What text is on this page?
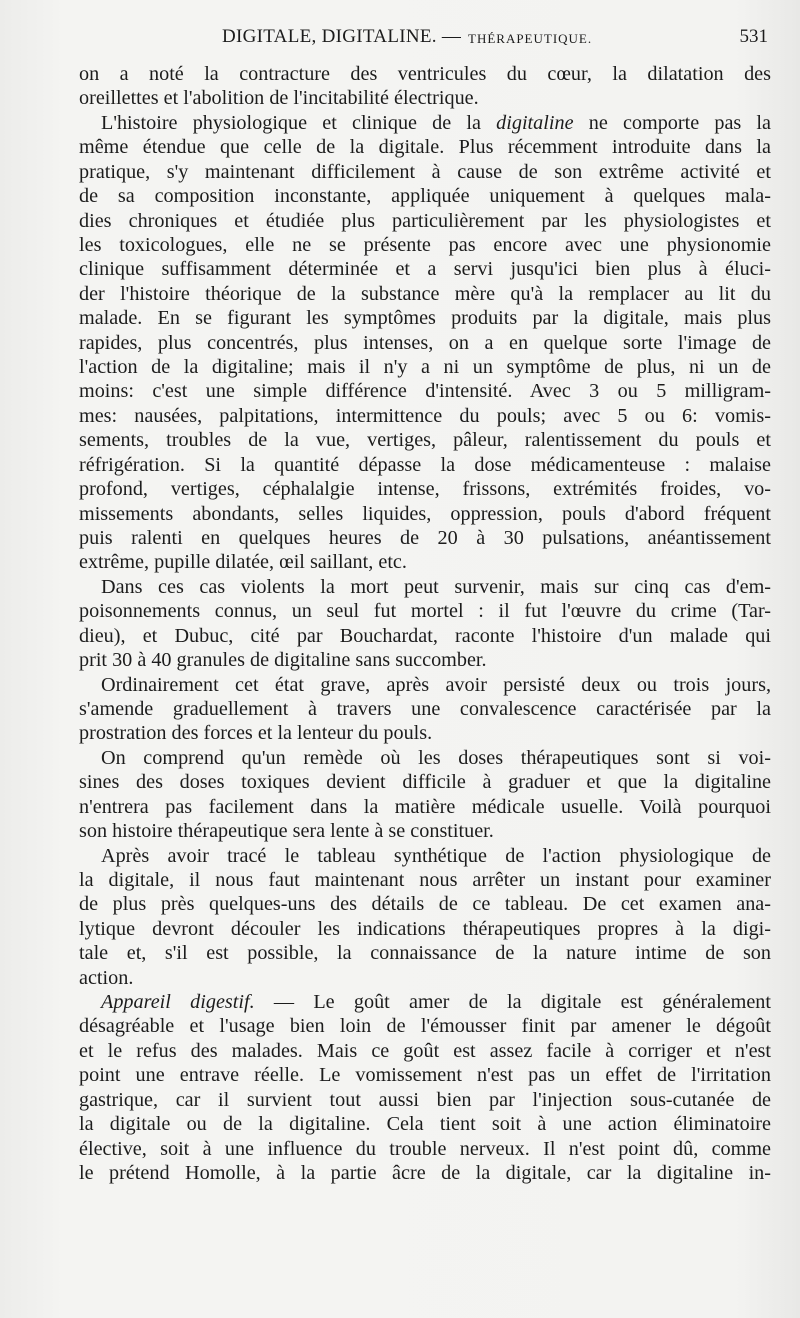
DIGITALE, DIGITALINE. — THÉRAPEUTIQUE.	531
on a noté la contracture des ventricules du cœur, la dilatation des
oreillettes et l'abolition de l'incitabilité électrique.
L'histoire physiologique et clinique de la digitaline ne comporte pas la
même étendue que celle de la digitale. Plus récemment introduite dans la
pratique, s'y maintenant difficilement à cause de son extrême activité et
de sa composition inconstante, appliquée uniquement à quelques mala-
dies chroniques et étudiée plus particulièrement par les physiologistes et
les toxicologues, elle ne se présente pas encore avec une physionomie
clinique suffisamment déterminée et a servi jusqu'ici bien plus à éluci-
der l'histoire théorique de la substance mère qu'à la remplacer au lit du
malade. En se figurant les symptômes produits par la digitale, mais plus
rapides, plus concentrés, plus intenses, on a en quelque sorte l'image de
l'action de la digitaline; mais il n'y a ni un symptôme de plus, ni un de
moins: c'est une simple différence d'intensité. Avec 3 ou 5 milligram-
mes: nausées, palpitations, intermittence du pouls; avec 5 ou 6: vomis-
sements, troubles de la vue, vertiges, pâleur, ralentissement du pouls et
réfrigération. Si la quantité dépasse la dose médicamenteuse : malaise
profond, vertiges, céphalalgie intense, frissons, extrémités froides, vo-
missements abondants, selles liquides, oppression, pouls d'abord fréquent
puis ralenti en quelques heures de 20 à 30 pulsations, anéantissement
extrême, pupille dilatée, œil saillant, etc.
Dans ces cas violents la mort peut survenir, mais sur cinq cas d'em-
poisonnements connus, un seul fut mortel : il fut l'œuvre du crime (Tar-
dieu), et Dubuc, cité par Bouchardat, raconte l'histoire d'un malade qui
prit 30 à 40 granules de digitaline sans succomber.
Ordinairement cet état grave, après avoir persisté deux ou trois jours,
s'amende graduellement à travers une convalescence caractérisée par la
prostration des forces et la lenteur du pouls.
On comprend qu'un remède où les doses thérapeutiques sont si voi-
sines des doses toxiques devient difficile à graduer et que la digitaline
n'entrera pas facilement dans la matière médicale usuelle. Voilà pourquoi
son histoire thérapeutique sera lente à se constituer.
Après avoir tracé le tableau synthétique de l'action physiologique de
la digitale, il nous faut maintenant nous arrêter un instant pour examiner
de plus près quelques-uns des détails de ce tableau. De cet examen ana-
lytique devront découler les indications thérapeutiques propres à la digi-
tale et, s'il est possible, la connaissance de la nature intime de son
action.
Appareil digestif. — Le goût amer de la digitale est généralement
désagréable et l'usage bien loin de l'émousser finit par amener le dégoût
et le refus des malades. Mais ce goût est assez facile à corriger et n'est
point une entrave réelle. Le vomissement n'est pas un effet de l'irritation
gastrique, car il survient tout aussi bien par l'injection sous-cutanée de
la digitale ou de la digitaline. Cela tient soit à une action éliminatoire
élective, soit à une influence du trouble nerveux. Il n'est point dû, comme
le prétend Homolle, à la partie âcre de la digitale, car la digitaline in-
